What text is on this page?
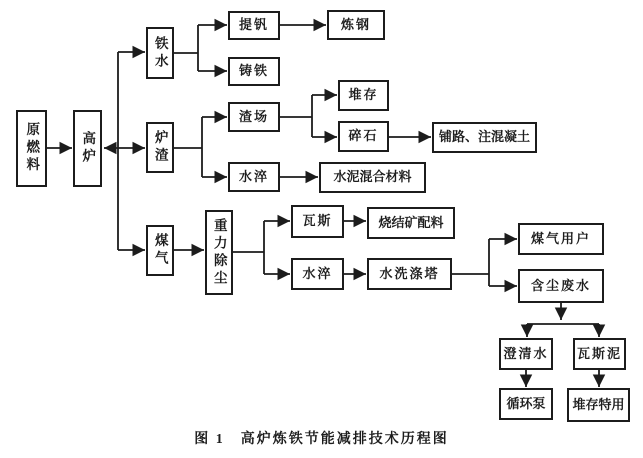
原燃料	高炉
铁水
炉渣
煤气
提钒	炼钢
铸铁
渣场
堆存
碎石	铺路、注混凝土
水淬	水泥混合材料
重力除尘	瓦斯	烧结矿配料
水淬	水洗涤塔
煤气用户
含尘废水
澄清水	瓦斯泥
循环泵	堆存特用
图 1　高炉炼铁节能减排技术历程图
